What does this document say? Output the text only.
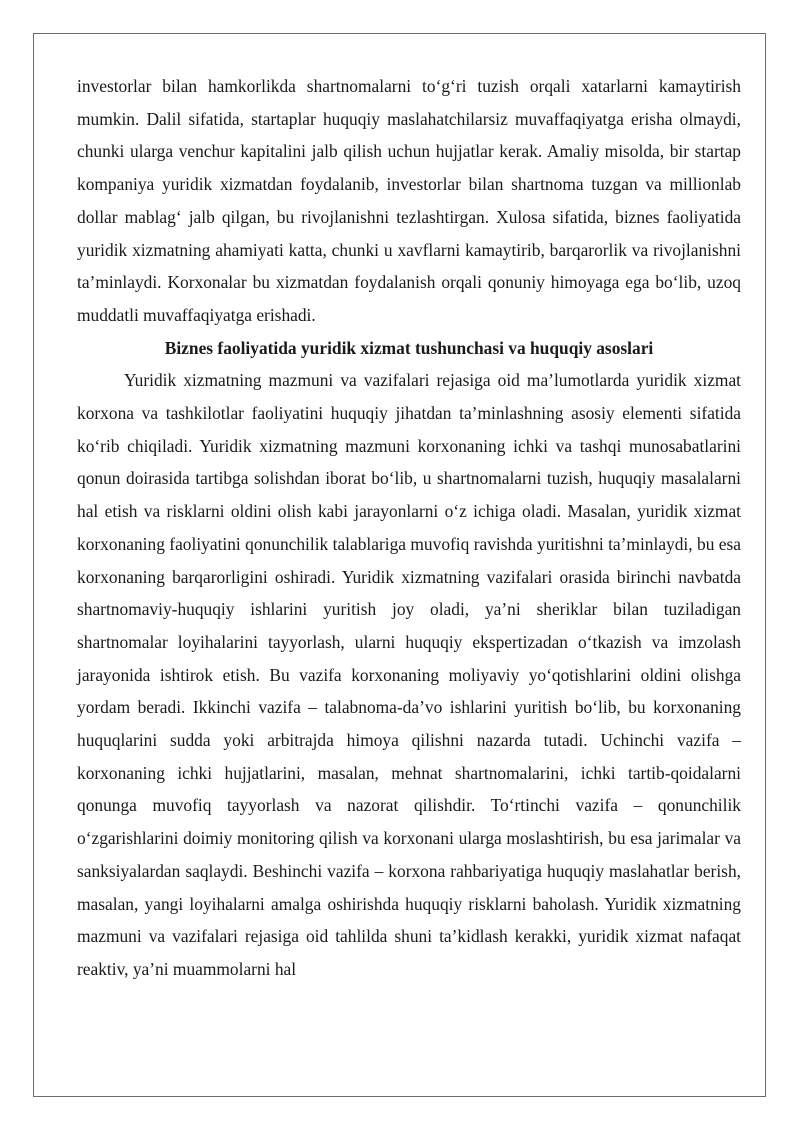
investorlar bilan hamkorlikda shartnomalarni to‘g‘ri tuzish orqali xatarlarni kamaytirish mumkin. Dalil sifatida, startaplar huquqiy maslahatchilarsiz muvaffaqiyatga erisha olmaydi, chunki ularga venchur kapitalini jalb qilish uchun hujjatlar kerak. Amaliy misolda, bir startap kompaniya yuridik xizmatdan foydalanib, investorlar bilan shartnoma tuzgan va millionlab dollar mablag‘ jalb qilgan, bu rivojlanishni tezlashtirgan. Xulosa sifatida, biznes faoliyatida yuridik xizmatning ahamiyati katta, chunki u xavflarni kamaytirib, barqarorlik va rivojlanishni ta’minlaydi. Korxonalar bu xizmatdan foydalanish orqali qonuniy himoyaga ega bo‘lib, uzoq muddatli muvaffaqiyatga erishadi.

Biznes faoliyatida yuridik xizmat tushunchasi va huquqiy asoslari

Yuridik xizmatning mazmuni va vazifalari rejasiga oid ma’lumotlarda yuridik xizmat korxona va tashkilotlar faoliyatini huquqiy jihatdan ta’minlashning asosiy elementi sifatida ko‘rib chiqiladi. Yuridik xizmatning mazmuni korxonaning ichki va tashqi munosabatlarini qonun doirasida tartibga solishdan iborat bo‘lib, u shartnomalarni tuzish, huquqiy masalalarni hal etish va risklarni oldini olish kabi jarayonlarni o‘z ichiga oladi. Masalan, yuridik xizmat korxonaning faoliyatini qonunchilik talablariga muvofiq ravishda yuritishni ta’minlaydi, bu esa korxonaning barqarorligini oshiradi. Yuridik xizmatning vazifalari orasida birinchi navbatda shartnomaviy-huquqiy ishlarini yuritish joy oladi, ya’ni sheriklar bilan tuziladigan shartnomalar loyihalarini tayyorlash, ularni huquqiy ekspertizadan o‘tkazish va imzolash jarayonida ishtirok etish. Bu vazifa korxonaning moliyaviy yo‘qotishlarini oldini olishga yordam beradi. Ikkinchi vazifa – talabnoma-da’vo ishlarini yuritish bo‘lib, bu korxonaning huquqlarini sudda yoki arbitrajda himoya qilishni nazarda tutadi. Uchinchi vazifa – korxonaning ichki hujjatlarini, masalan, mehnat shartnomalarini, ichki tartib-qoidalarni qonunga muvofiq tayyorlash va nazorat qilishdir. To‘rtinchi vazifa – qonunchilik o‘zgarishlarini doimiy monitoring qilish va korxonani ularga moslashtirish, bu esa jarimalar va sanksiyalardan saqlaydi. Beshinchi vazifa – korxona rahbariyatiga huquqiy maslahatlar berish, masalan, yangi loyihalarni amalga oshirishda huquqiy risklarni baholash. Yuridik xizmatning mazmuni va vazifalari rejasiga oid tahlilda shuni ta’kidlash kerakki, yuridik xizmat nafaqat reaktiv, ya’ni muammolarni hal
